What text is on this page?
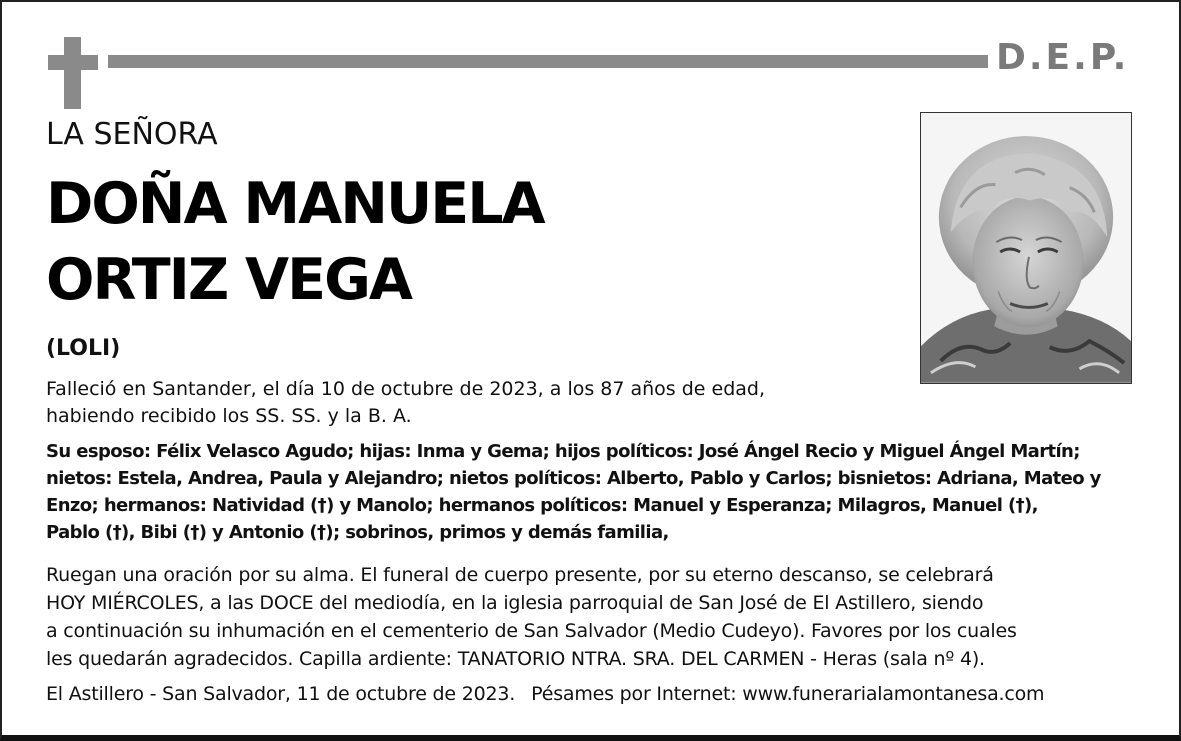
D.E.P.
LA SEÑORA
DOÑA MANUELA
ORTIZ VEGA
(LOLI)
Falleció en Santander, el día 10 de octubre de 2023, a los 87 años de edad,
habiendo recibido los SS. SS. y la B. A.
Su esposo: Félix Velasco Agudo; hijas: Inma y Gema; hijos políticos: José Ángel Recio y Miguel Ángel Martín;
nietos: Estela, Andrea, Paula y Alejandro; nietos políticos: Alberto, Pablo y Carlos; bisnietos: Adriana, Mateo y
Enzo; hermanos: Natividad (†) y Manolo; hermanos políticos: Manuel y Esperanza; Milagros, Manuel (†),
Pablo (†), Bibi (†) y Antonio (†); sobrinos, primos y demás familia,
Ruegan una oración por su alma. El funeral de cuerpo presente, por su eterno descanso, se celebrará
HOY MIÉRCOLES, a las DOCE del mediodía, en la iglesia parroquial de San José de El Astillero, siendo
a continuación su inhumación en el cementerio de San Salvador (Medio Cudeyo). Favores por los cuales
les quedarán agradecidos. Capilla ardiente: TANATORIO NTRA. SRA. DEL CARMEN - Heras (sala nº 4).
El Astillero - San Salvador, 11 de octubre de 2023. Pésames por Internet: www.funerarialamontanesa.com
